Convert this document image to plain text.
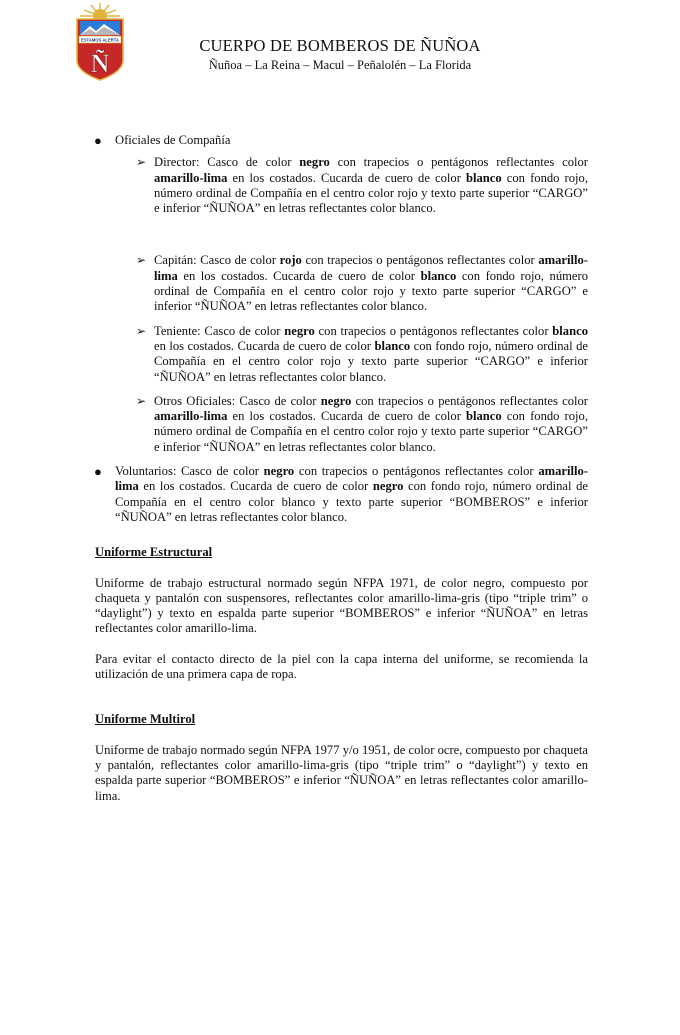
ESTAMOS ALERTA
Ñ
CUERPO DE BOMBEROS DE ÑUÑOA
Ñuñoa – La Reina – Macul – Peñalolén – La Florida
● Oficiales de Compañía
➢ Director: Casco de color negro con trapecios o pentágonos reflectantes color amarillo-lima en los costados. Cucarda de cuero de color blanco con fondo rojo, número ordinal de Compañía en el centro color rojo y texto parte superior “CARGO” e inferior “ÑUÑOA” en letras reflectantes color blanco.
➢ Capitán: Casco de color rojo con trapecios o pentágonos reflectantes color amarillo-lima en los costados. Cucarda de cuero de color blanco con fondo rojo, número ordinal de Compañía en el centro color rojo y texto parte superior “CARGO” e inferior “ÑUÑOA” en letras reflectantes color blanco.
➢ Teniente: Casco de color negro con trapecios o pentágonos reflectantes color blanco en los costados. Cucarda de cuero de color blanco con fondo rojo, número ordinal de Compañía en el centro color rojo y texto parte superior “CARGO” e inferior “ÑUÑOA” en letras reflectantes color blanco.
➢ Otros Oficiales: Casco de color negro con trapecios o pentágonos reflectantes color amarillo-lima en los costados. Cucarda de cuero de color blanco con fondo rojo, número ordinal de Compañía en el centro color rojo y texto parte superior “CARGO” e inferior “ÑUÑOA” en letras reflectantes color blanco.
● Voluntarios: Casco de color negro con trapecios o pentágonos reflectantes color amarillo-lima en los costados. Cucarda de cuero de color negro con fondo rojo, número ordinal de Compañía en el centro color blanco y texto parte superior “BOMBEROS” e inferior “ÑUÑOA” en letras reflectantes color blanco.

Uniforme Estructural

Uniforme de trabajo estructural normado según NFPA 1971, de color negro, compuesto por chaqueta y pantalón con suspensores, reflectantes color amarillo-lima-gris (tipo “triple trim” o “daylight”) y texto en espalda parte superior “BOMBEROS” e inferior “ÑUÑOA” en letras reflectantes color amarillo-lima.

Para evitar el contacto directo de la piel con la capa interna del uniforme, se recomienda la utilización de una primera capa de ropa.

Uniforme Multirol

Uniforme de trabajo normado según NFPA 1977 y/o 1951, de color ocre, compuesto por chaqueta y pantalón, reflectantes color amarillo-lima-gris (tipo “triple trim” o “daylight”) y texto en espalda parte superior “BOMBEROS” e inferior “ÑUÑOA” en letras reflectantes color amarillo-lima.
